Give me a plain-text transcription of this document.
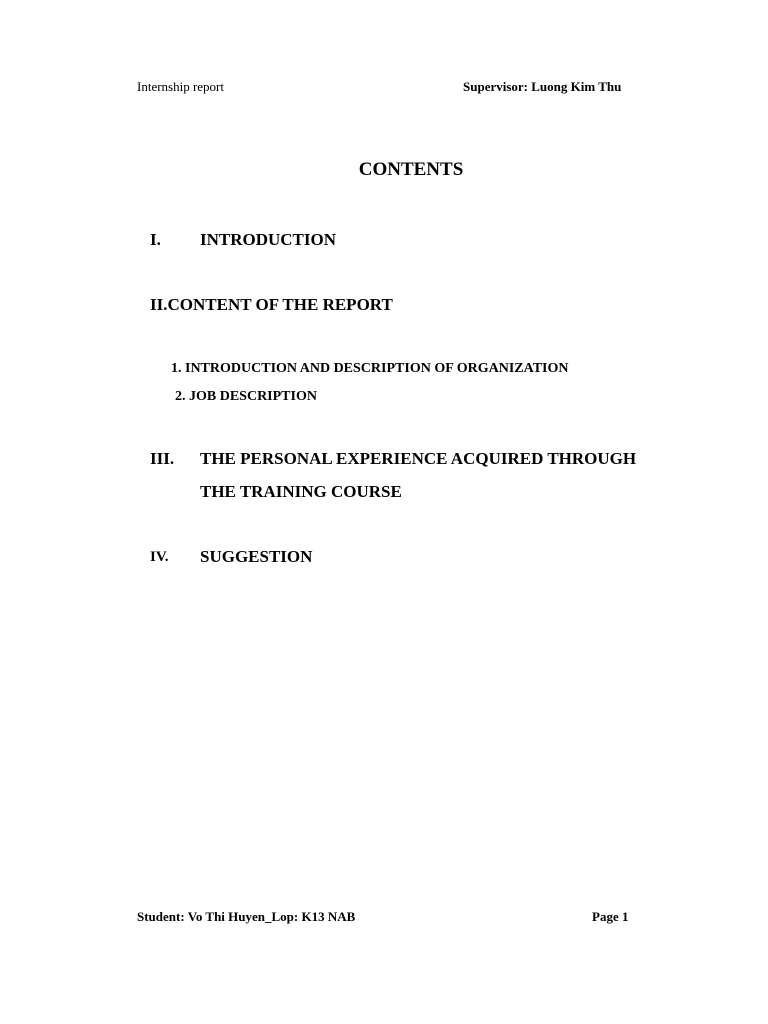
Internship report	Supervisor: Luong Kim Thu
CONTENTS
I. INTRODUCTION
II.CONTENT OF THE REPORT
1. INTRODUCTION AND DESCRIPTION OF ORGANIZATION
2. JOB DESCRIPTION
III. THE PERSONAL EXPERIENCE ACQUIRED THROUGH
THE TRAINING COURSE
IV. SUGGESTION
Student: Vo Thi Huyen_Lop: K13 NAB	Page 1
